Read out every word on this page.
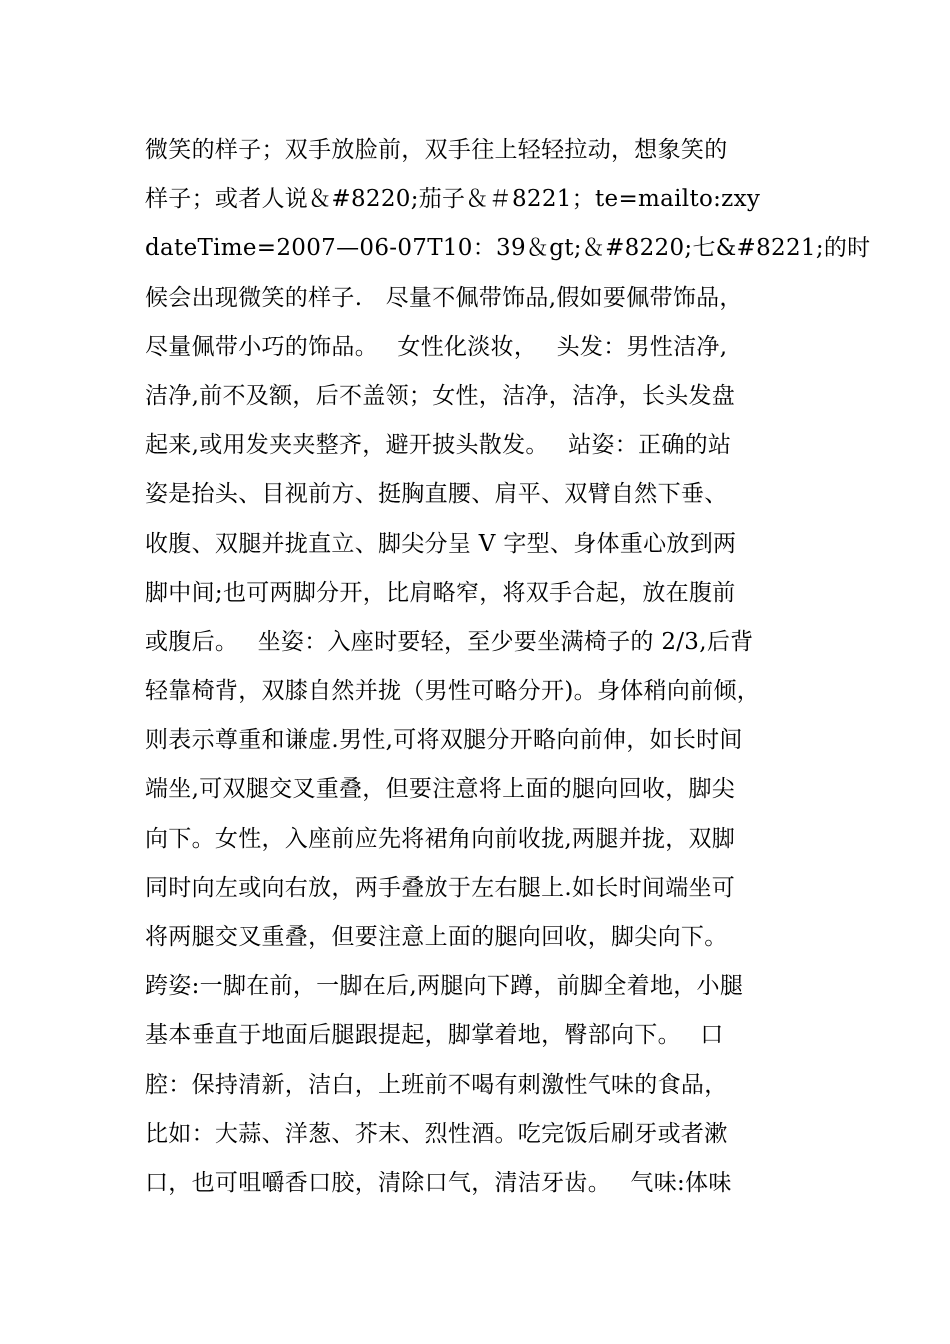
微笑的样子；双手放脸前，双手往上轻轻拉动，想象笑的
样子；或者人说＆#8220;茄子＆＃8221；te=mailto:zxy
dateTime=2007—06-07T10：39＆gt;＆#8220;七&#8221;的时
候会出现微笑的样子.　尽量不佩带饰品,假如要佩带饰品，
尽量佩带小巧的饰品。　 女性化淡妆，　 头发：男性洁净,
洁净,前不及额，后不盖领；女性，洁净，洁净，长头发盘
起来,或用发夹夹整齐，避开披头散发。　 站姿：正确的站
姿是抬头、目视前方、挺胸直腰、肩平、双臂自然下垂、
收腹、双腿并拢直立、脚尖分呈 V 字型、身体重心放到两
脚中间;也可两脚分开，比肩略窄，将双手合起，放在腹前
或腹后。　 坐姿：入座时要轻，至少要坐满椅子的 2/3,后背
轻靠椅背，双膝自然并拢（男性可略分开)。身体稍向前倾，
则表示尊重和谦虚.男性,可将双腿分开略向前伸，如长时间
端坐,可双腿交叉重叠，但要注意将上面的腿向回收，脚尖
向下。女性，入座前应先将裙角向前收拢,两腿并拢，双脚
同时向左或向右放，两手叠放于左右腿上.如长时间端坐可
将两腿交叉重叠，但要注意上面的腿向回收，脚尖向下。
跨姿:一脚在前，一脚在后,两腿向下蹲，前脚全着地，小腿
基本垂直于地面后腿跟提起，脚掌着地，臀部向下。　 口
腔：保持清新，洁白，上班前不喝有刺激性气味的食品，
比如：大蒜、洋葱、芥末、烈性酒。吃完饭后刷牙或者漱
口，也可咀嚼香口胶，清除口气，清洁牙齿。　 气味:体味
